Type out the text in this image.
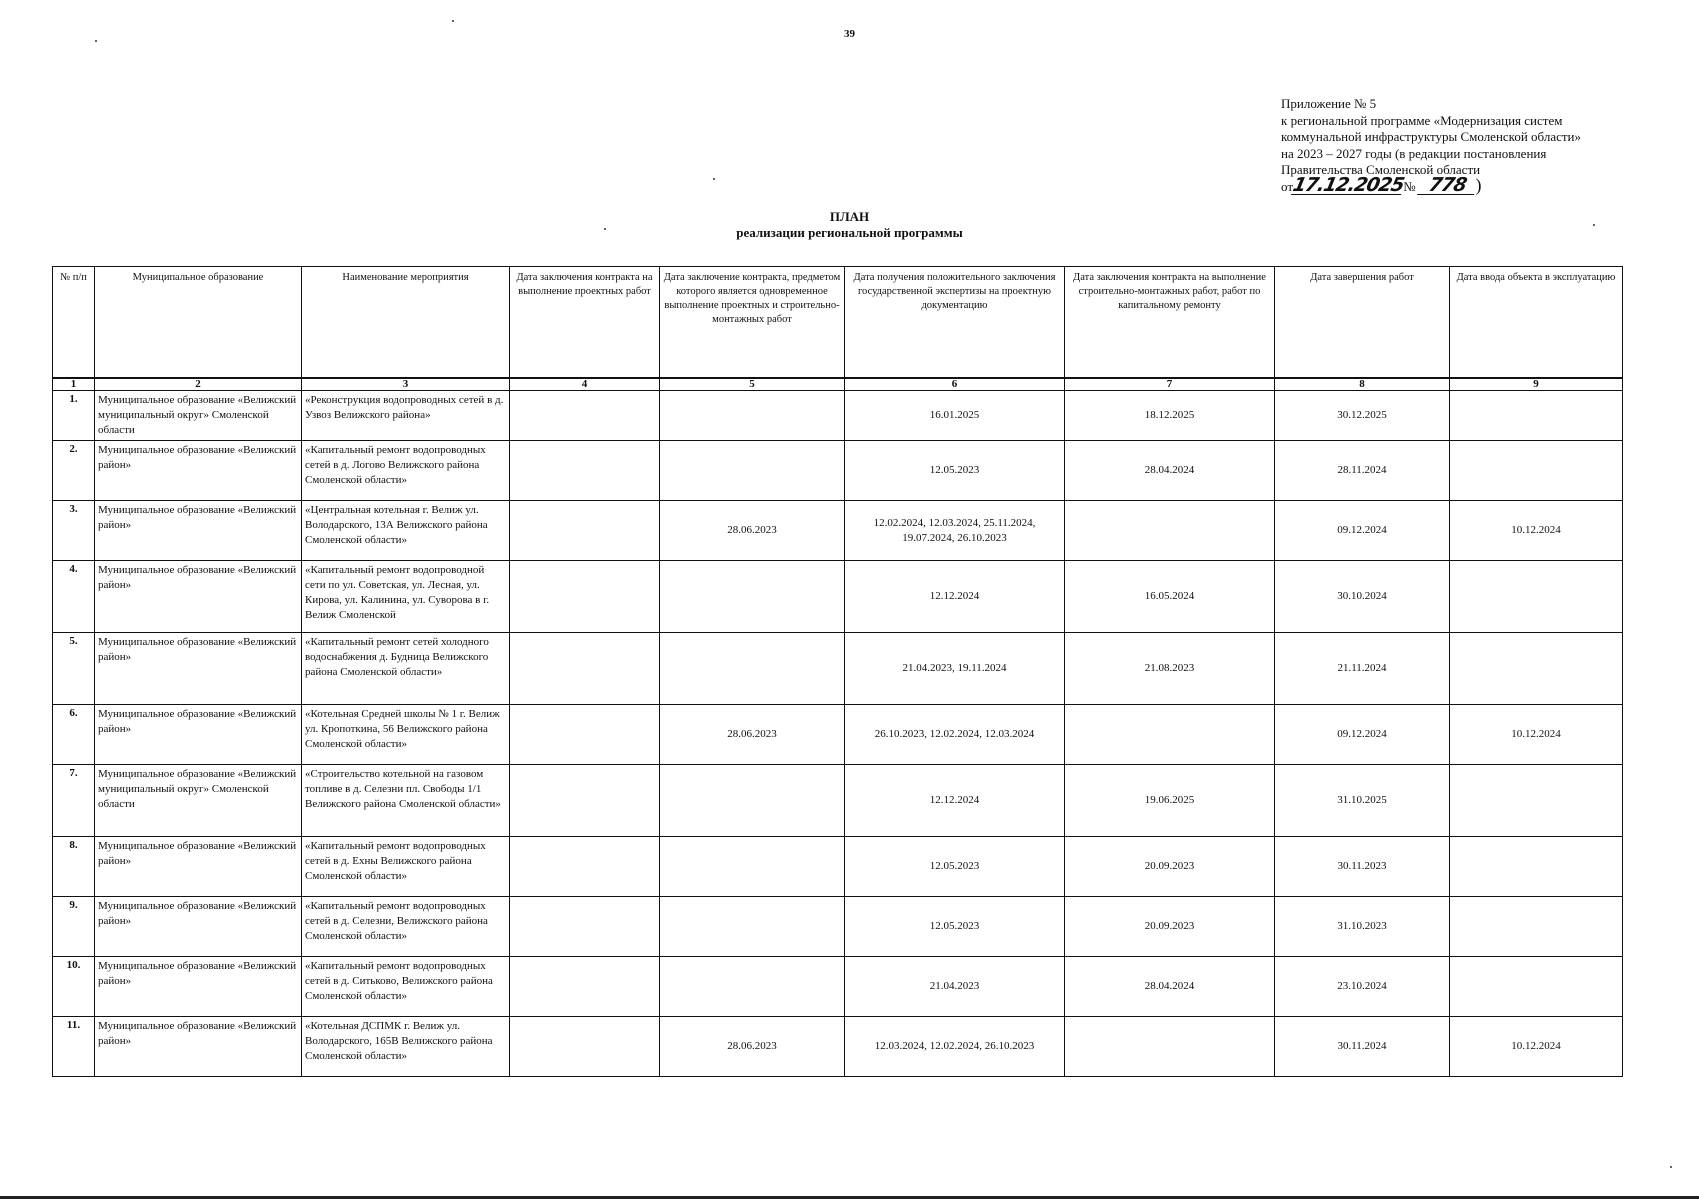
39
Приложение № 5
к региональной программе «Модернизация систем
коммунальной инфраструктуры Смоленской области»
на 2023 – 2027 годы (в редакции постановления
Правительства Смоленской области
от17.12.2025№ 778 )
ПЛАН
реализации региональной программы
№ п/п	Муниципальное образование	Наименование мероприятия	Дата заключения контракта на выполнение проектных работ	Дата заключение контракта, предметом которого является одновременное выполнение проектных и строительно-монтажных работ	Дата получения положительного заключения государственной экспертизы на проектную документацию	Дата заключения контракта на выполнение строительно-монтажных работ, работ по капитальному ремонту	Дата завершения работ	Дата ввода объекта в эксплуатацию
1	2	3	4	5	6	7	8	9
1.	Муниципальное образование «Велижский муниципальный округ» Смоленской области	«Реконструкция водопроводных сетей в д. Узвоз Велижского района»			16.01.2025	18.12.2025	30.12.2025	
2.	Муниципальное образование «Велижский район»	«Капитальный ремонт водопроводных сетей в д. Логово Велижского района Смоленской области»			12.05.2023	28.04.2024	28.11.2024	
3.	Муниципальное образование «Велижский район»	«Центральная котельная г. Велиж ул. Володарского, 13А Велижского района Смоленской области»		28.06.2023	12.02.2024, 12.03.2024, 25.11.2024, 19.07.2024, 26.10.2023		09.12.2024	10.12.2024
4.	Муниципальное образование «Велижский район»	«Капитальный ремонт водопроводной сети по ул. Советская, ул. Лесная, ул. Кирова, ул. Калинина, ул. Суворова в г. Велиж Смоленской			12.12.2024	16.05.2024	30.10.2024	
5.	Муниципальное образование «Велижский район»	«Капитальный ремонт сетей холодного водоснабжения д. Будница Велижского района Смоленской области»			21.04.2023, 19.11.2024	21.08.2023	21.11.2024	
6.	Муниципальное образование «Велижский район»	«Котельная Средней школы № 1 г. Велиж ул. Кропоткина, 56 Велижского района Смоленской области»		28.06.2023	26.10.2023, 12.02.2024, 12.03.2024		09.12.2024	10.12.2024
7.	Муниципальное образование «Велижский муниципальный округ» Смоленской области	«Строительство котельной на газовом топливе в д. Селезни пл. Свободы 1/1 Велижского района Смоленской области»			12.12.2024	19.06.2025	31.10.2025	
8.	Муниципальное образование «Велижский район»	«Капитальный ремонт водопроводных сетей в д. Ехны Велижского района Смоленской области»			12.05.2023	20.09.2023	30.11.2023	
9.	Муниципальное образование «Велижский район»	«Капитальный ремонт водопроводных сетей в д. Селезни, Велижского района Смоленской области»			12.05.2023	20.09.2023	31.10.2023	
10.	Муниципальное образование «Велижский район»	«Капитальный ремонт водопроводных сетей в д. Ситьково, Велижского района Смоленской области»			21.04.2023	28.04.2024	23.10.2024	
11.	Муниципальное образование «Велижский район»	«Котельная ДСПМК г. Велиж ул. Володарского, 165В Велижского района Смоленской области»		28.06.2023	12.03.2024, 12.02.2024, 26.10.2023		30.11.2024	10.12.2024
